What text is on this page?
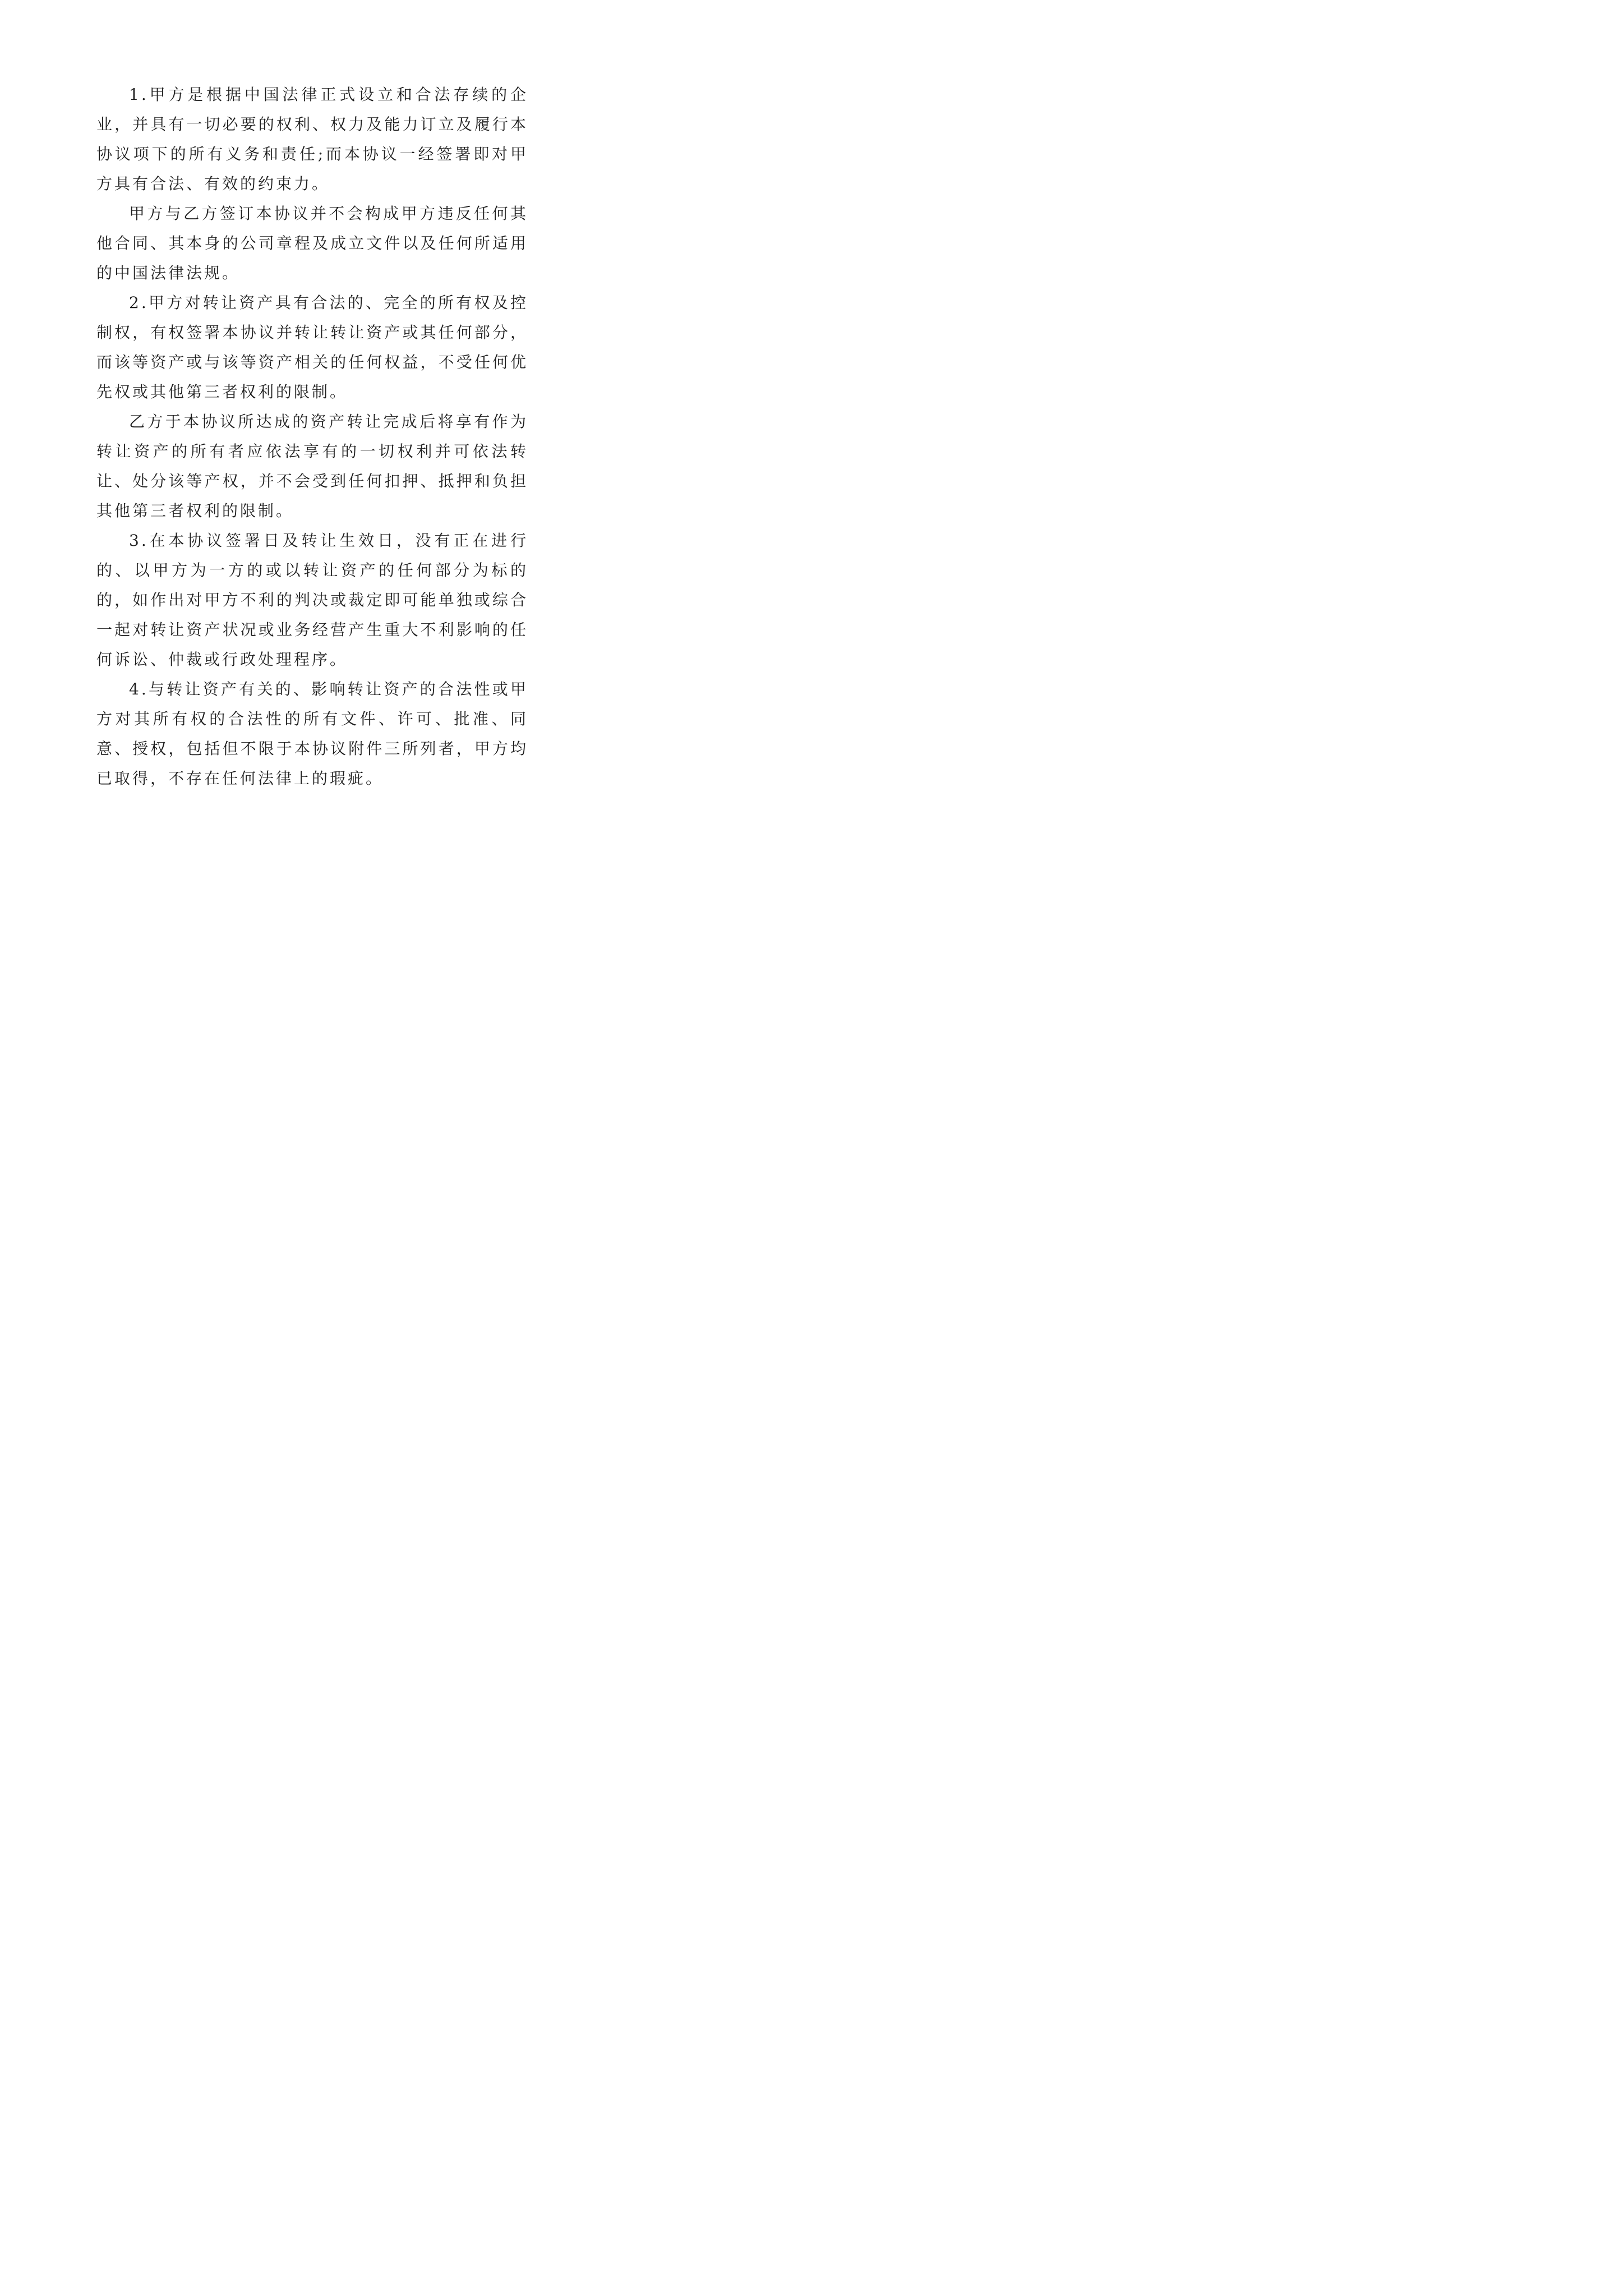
1.甲方是根据中国法律正式设立和合法存续的企业，并具有一切必要的权利、权力及能力订立及履行本协议项下的所有义务和责任;而本协议一经签署即对甲方具有合法、有效的约束力。

甲方与乙方签订本协议并不会构成甲方违反任何其他合同、其本身的公司章程及成立文件以及任何所适用的中国法律法规。

2.甲方对转让资产具有合法的、完全的所有权及控制权，有权签署本协议并转让转让资产或其任何部分，而该等资产或与该等资产相关的任何权益，不受任何优先权或其他第三者权利的限制。

乙方于本协议所达成的资产转让完成后将享有作为转让资产的所有者应依法享有的一切权利并可依法转让、处分该等产权，并不会受到任何扣押、抵押和负担其他第三者权利的限制。

3.在本协议签署日及转让生效日，没有正在进行的、以甲方为一方的或以转让资产的任何部分为标的的，如作出对甲方不利的判决或裁定即可能单独或综合一起对转让资产状况或业务经营产生重大不利影响的任何诉讼、仲裁或行政处理程序。

4.与转让资产有关的、影响转让资产的合法性或甲方对其所有权的合法性的所有文件、许可、批准、同意、授权，包括但不限于本协议附件三所列者，甲方均已取得，不存在任何法律上的瑕疵。
